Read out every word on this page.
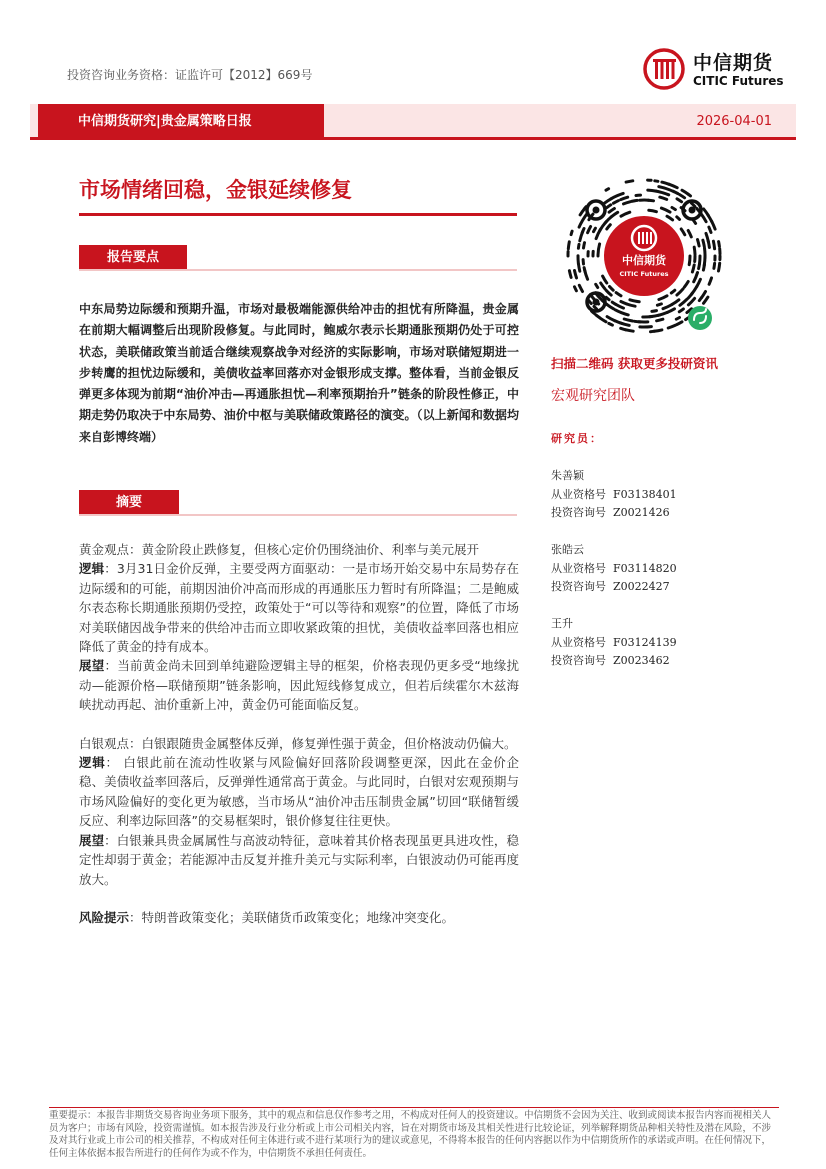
投资咨询业务资格：证监许可【2012】669号
中信期货
CITIC Futures
中信期货研究|贵金属策略日报	2026-04-01
市场情绪回稳，金银延续修复
报告要点
中东局势边际缓和预期升温，市场对最极端能源供给冲击的担忧有所降温，贵金属在前期大幅调整后出现阶段修复。与此同时，鲍威尔表示长期通胀预期仍处于可控状态，美联储政策当前适合继续观察战争对经济的实际影响，市场对联储短期进一步转鹰的担忧边际缓和，美债收益率回落亦对金银形成支撑。整体看，当前金银反弹更多体现为前期“油价冲击—再通胀担忧—利率预期抬升”链条的阶段性修正，中期走势仍取决于中东局势、油价中枢与美联储政策路径的演变。（以上新闻和数据均来自彭博终端）
摘要

黄金观点：黄金阶段止跌修复，但核心定价仍围绕油价、利率与美元展开

逻辑：3月31日金价反弹，主要受两方面驱动：一是市场开始交易中东局势存在边际缓和的可能，前期因油价冲高而形成的再通胀压力暂时有所降温；二是鲍威尔表态称长期通胀预期仍受控，政策处于“可以等待和观察”的位置，降低了市场对美联储因战争带来的供给冲击而立即收紧政策的担忧，美债收益率回落也相应降低了黄金的持有成本。

展望：当前黄金尚未回到单纯避险逻辑主导的框架，价格表现仍更多受“地缘扰动—能源价格—联储预期”链条影响，因此短线修复成立，但若后续霍尔木兹海峡扰动再起、油价重新上冲，黄金仍可能面临反复。

白银观点：白银跟随贵金属整体反弹，修复弹性强于黄金，但价格波动仍偏大。

逻辑： 白银此前在流动性收紧与风险偏好回落阶段调整更深，因此在金价企稳、美债收益率回落后，反弹弹性通常高于黄金。与此同时，白银对宏观预期与市场风险偏好的变化更为敏感，当市场从“油价冲击压制贵金属”切回“联储暂缓反应、利率边际回落”的交易框架时，银价修复往往更快。

展望：白银兼具贵金属属性与高波动特征，意味着其价格表现虽更具进攻性，稳定性却弱于黄金；若能源冲击反复并推升美元与实际利率，白银波动仍可能再度放大。

风险提示：特朗普政策变化；美联储货币政策变化；地缘冲突变化。

中信期货
CITIC Futures
扫描二维码 获取更多投研资讯
宏观研究团队
研究员：
朱善颖
从业资格号 F03138401
投资咨询号 Z0021426
张皓云
从业资格号 F03114820
投资咨询号 Z0022427
王升
从业资格号 F03124139
投资咨询号 Z0023462
重要提示：本报告非期货交易咨询业务项下服务，其中的观点和信息仅作参考之用，不构成对任何人的投资建议。中信期货不会因为关注、收到或阅读本报告内容而视相关人员为客户；市场有风险，投资需谨慎。如本报告涉及行业分析或上市公司相关内容，旨在对期货市场及其相关性进行比较论证，列举解释期货品种相关特性及潜在风险，不涉及对其行业或上市公司的相关推荐，不构成对任何主体进行或不进行某项行为的建议或意见，不得将本报告的任何内容据以作为中信期货所作的承诺或声明。在任何情况下，任何主体依据本报告所进行的任何作为或不作为，中信期货不承担任何责任。
